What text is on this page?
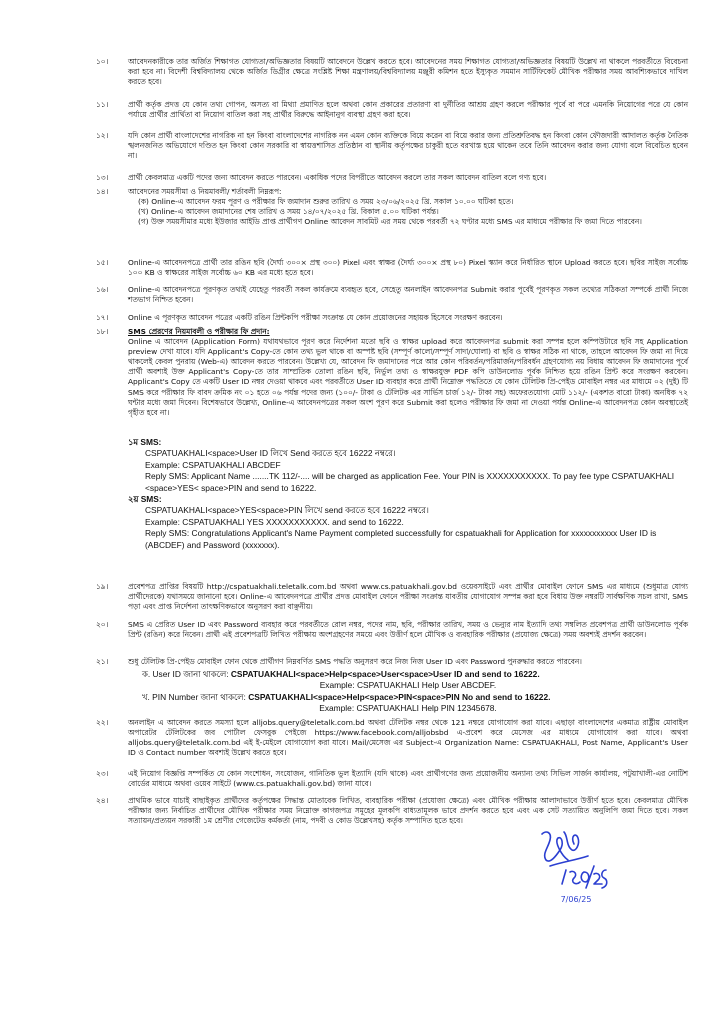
১০।	আবেদনকারীকে তার অর্জিত শিক্ষাগত যোগ্যতা/অভিজ্ঞতার বিষয়টি আবেদনে উল্লেখ করতে হবে। আবেদনের সময় শিক্ষাগত যোগ্যতা/অভিজ্ঞতার বিষয়টি উল্লেখ না থাকলে পরবর্তীতে বিবেচনা করা হবে না। বিদেশী বিশ্ববিদ্যালয় থেকে অর্জিত ডিগ্রীর ক্ষেত্রে সংশ্লিষ্ট শিক্ষা মন্ত্রণালয়/বিশ্ববিদ্যালয় মঞ্জুরী কমিশন হতে ইস্যুকৃত সমমান সার্টিফিকেট মৌখিক পরীক্ষার সময় আবশ্যিকভাবে দাখিল করতে হবে।
১১।	প্রার্থী কর্তৃক প্রদত্ত যে কোন তথ্য গোপন, অসত্য বা মিথ্যা প্রমাণিত হলে অথবা কোন প্রকারের প্রতারণা বা দুর্নীতির আশ্রয় গ্রহণ করলে পরীক্ষার পূর্বে বা পরে এমনকি নিয়োগের পরে যে কোন পর্যায়ে প্রার্থীর প্রার্থিতা বা নিয়োগ বাতিল করা সহ প্রার্থীর বিরুদ্ধে আইনানুগ ব্যবস্থা গ্রহণ করা হবে।
১২।	যদি কোন প্রার্থী বাংলাদেশের নাগরিক না হন কিংবা বাংলাদেশের নাগরিক নন এমন কোন ব্যক্তিকে বিয়ে করেন বা বিয়ে করার জন্য প্রতিশ্রুতিবদ্ধ হন কিংবা কোন ফৌজদারী আদালত কর্তৃক নৈতিক স্খলনজনিত অভিযোগে দণ্ডিত হন কিংবা কোন সরকারি বা স্বায়ত্তশাসিত প্রতিষ্ঠান বা স্থানীয় কর্তৃপক্ষের চাকুরী হতে বরখাস্ত হয়ে থাকেন তবে তিনি আবেদন করার জন্য যোগ্য বলে বিবেচিত হবেন না।
১৩।	প্রার্থী কেবলমাত্র একটি পদের জন্য আবেদন করতে পারবেন। একাধিক পদের বিপরীতে আবেদন করলে তার সকল আবেদন বাতিল বলে গণ্য হবে।
১৪।	আবেদনের সময়সীমা ও নিয়মাবলী/ শর্তাবলী নিম্নরূপ:
(ক) Online-এ আবেদন ফরম পূরণ ও পরীক্ষার ফি জমাদান শুরুর তারিখ ও সময় ২৩/০৬/২০২৫ খ্রি. সকাল ১০.০০ ঘটিকা হতে।
(খ) Online-এ আবেদন জমাদানের শেষ তারিখ ও সময় ১৪/০৭/২০২৫ খ্রি. বিকাল ৫.০০ ঘটিকা পর্যন্ত।
(গ) উক্ত সময়সীমার মধ্যে ইউজার আইডি প্রাপ্ত প্রার্থীগণ Online আবেদন সাবমিট এর সময় থেকে পরবর্তী ৭২ ঘণ্টার মধ্যে SMS এর মাধ্যমে পরীক্ষার ফি জমা দিতে পারবেন।
১৫।	Online-এ আবেদনপত্রে প্রার্থী তার রঙিন ছবি (দৈর্ঘ্য ৩০০× প্রস্থ ৩০০) Pixel এবং স্বাক্ষর (দৈর্ঘ্য ৩০০× প্রস্থ ৮০) Pixel স্ক্যান করে নির্ধারিত স্থানে Upload করতে হবে। ছবির সাইজ সর্বোচ্চ ১০০ KB ও স্বাক্ষরের সাইজ সর্বোচ্চ ৬০ KB এর মধ্যে হতে হবে।
১৬।	Online-এ আবেদনপত্রে পূরণকৃত তথ্যই যেহেতু পরবর্তী সকল কার্যক্রমে ব্যবহৃত হবে, সেহেতু অনলাইন আবেদনপত্র Submit করার পূর্বেই পূরণকৃত সকল তথ্যের সঠিকতা সম্পর্কে প্রার্থী নিজে শতভাগ নিশ্চিত হবেন।
১৭।	Online এ পূরণকৃত আবেদন পত্রের একটি রঙিন প্রিন্টকপি পরীক্ষা সংক্রান্ত যে কোন প্রয়োজনের সহায়ক হিসেবে সংরক্ষণ করবেন।
১৮।	SMS প্রেরণের নিয়মাবলী ও পরীক্ষার ফি প্রদান:
Online এ আবেদন (Application Form) যথাযথভাবে পূরণ করে নির্দেশনা মতো ছবি ও স্বাক্ষর upload করে আবেদনপত্র submit করা সম্পন্ন হলে কম্পিউটারে ছবি সহ Application preview দেখা যাবে। যদি Applicant's Copy-তে কোন তথ্য ভুল থাকে বা অস্পষ্ট ছবি (সম্পূর্ণ কালো/সম্পূর্ণ সাদা/ঘোলা) বা ছবি ও স্বাক্ষর সঠিক না থাকে, তাহলে আবেদন ফি জমা না দিয়ে থাকলেই কেবল পুনরায় (Web-এ) আবেদন করতে পারবেন। উল্লেখ্য যে, আবেদন ফি জমাদানের পরে আর কোন পরিবর্তন/পরিমার্জন/পরিবর্ধন গ্রহণযোগ্য নয় বিধায় আবেদন ফি জমাদানের পূর্বে প্রার্থী অবশ্যই উক্ত Applicant's Copy-তে তার সাম্প্রতিক তোলা রঙিন ছবি, নির্ভুল তথ্য ও স্বাক্ষরযুক্ত PDF কপি ডাউনলোড পূর্বক নিশ্চিত হয়ে রঙিন প্রিন্ট করে সংরক্ষণ করবেন। Applicant's Copy তে একটি User ID নম্বর দেওয়া থাকবে এবং পরবর্তীতে User ID ব্যবহার করে প্রার্থী নিম্নোক্ত পদ্ধতিতে যে কোন টেলিটক প্রি-পেইড মোবাইল নম্বর এর মাধ্যমে ০২ (দুই) টি SMS করে পরীক্ষার ফি বাবদ ক্রমিক নং ০১ হতে ০৬ পর্যন্ত পদের জন্য (১০০/- টাকা ও টেলিটক এর সার্ভিস চার্জ ১২/- টাকা সহ) অফেরতযোগ্য মোট ১১২/- (একশত বারো টাকা) অনধিক ৭২ ঘন্টার মধ্যে জমা দিবেন। বিশেষভাবে উল্লেখ্য, Online-এ আবেদনপত্রের সকল অংশ পূরণ করে Submit করা হলেও পরীক্ষার ফি জমা না দেওয়া পর্যন্ত Online-এ আবেদনপত্র কোন অবস্থাতেই গৃহীত হবে না।
১ম SMS:
CSPATUAKHALI<space>User ID লিখে Send করতে হবে 16222 নম্বরে।
Example: CSPATUAKHALI ABCDEF
Reply SMS: Applicant Name .......TK 112/-.... will be charged as application Fee. Your PIN is XXXXXXXXXXX. To pay fee type CSPATUAKHALI <space>YES< space>PIN and send to 16222.
২য় SMS:
CSPATUAKHALI<space>YES<space>PIN লিখে send করতে হবে 16222 নম্বরে।
Example: CSPATUAKHALI YES XXXXXXXXXXX. and send to 16222.
Reply SMS: Congratulations Applicant's Name Payment completed successfully for cspatuakhali for Application for xxxxxxxxxxx User ID is (ABCDEF) and Password (xxxxxxx).
১৯।	প্রবেশপত্র প্রাপ্তির বিষয়টি http://cspatuakhali.teletalk.com.bd অথবা www.cs.patuakhali.gov.bd ওয়েবসাইটে এবং প্রার্থীর মোবাইল ফোনে SMS এর মাধ্যমে (শুধুমাত্র যোগ্য প্রার্থীদেরকে) যথাসময়ে জানানো হবে। Online-এ আবেদনপত্রে প্রার্থীর প্রদত্ত মোবাইল ফোনে পরীক্ষা সংক্রান্ত যাবতীয় যোগাযোগ সম্পন্ন করা হবে বিধায় উক্ত নম্বরটি সার্বক্ষণিক সচল রাখা, SMS পড়া এবং প্রাপ্ত নির্দেশনা তাৎক্ষণিকভাবে অনুসরণ করা বাঞ্ছনীয়।
২০।	SMS এ প্রেরিত User ID এবং Password ব্যবহার করে পরবর্তীতে রোল নম্বর, পদের নাম, ছবি, পরীক্ষার তারিখ, সময় ও ভেন্যুর নাম ইত্যাদি তথ্য সম্বলিত প্রবেশপত্র প্রার্থী ডাউনলোড পূর্বক প্রিন্ট (রঙিন) করে নিবেন। প্রার্থী এই প্রবেশপত্রটি লিখিত পরীক্ষায় অংশগ্রহণের সময়ে এবং উত্তীর্ণ হলে মৌখিক ও ব্যবহারিক পরীক্ষার (প্রযোজ্য ক্ষেত্রে) সময় অবশ্যই প্রদর্শন করবেন।
২১।	শুধু টেলিটক প্রি-পেইড মোবাইল ফোন থেকে প্রার্থীগণ নিম্নবর্ণিত SMS পদ্ধতি অনুসরণ করে নিজ নিজ User ID এবং Password পুনরুদ্ধার করতে পারবেন।
ক. User ID জানা থাকলে: CSPATUAKHALI<space>Help<space>User<space>User ID and send to 16222.
Example: CSPATUAKHALI Help User ABCDEF.
খ. PIN Number জানা থাকলে: CSPATUAKHALI<space>Help<space>PIN<space>PIN No and send to 16222.
Example: CSPATUAKHALI Help PIN 12345678.
২২।	অনলাইন এ আবেদন করতে সমস্যা হলে alljobs.query@teletalk.com.bd অথবা টেলিটক নম্বর থেকে 121 নম্বরে যোগাযোগ করা যাবে। এছাড়া বাংলাদেশের একমাত্র রাষ্ট্রীয় মোবাইল অপারেটর টেলিটকের জব পোর্টাল ফেসবুক পেইজে https://www.facebook.com/alljobsbd এ-প্রবেশ করে মেসেজ এর মাধ্যমে যোগাযোগ করা যাবে। অথবা alljobs.query@teletalk.com.bd এই ই-মেইলে যোগাযোগ করা যাবে। Mail/মেসেজ এর Subject-এ Organization Name: CSPATUAKHALI, Post Name, Applicant's User ID ও Contact number অবশ্যই উল্লেখ করতে হবে।
২৩।	এই নিয়োগ বিজ্ঞপ্তি সম্পর্কিত যে কোন সংশোধন, সংযোজন, গানিতিক ভুল ইত্যাদি (যদি থাকে) এবং প্রার্থীগণের জন্য প্রয়োজনীয় অন্যান্য তথ্য সিভিল সার্জন কার্যালয়, পটুয়াখালী-এর নোটিশ বোর্ডের মাধ্যমে অথবা ওয়েব সাইটে (www.cs.patuakhali.gov.bd) জানা যাবে।
২৪।	প্রাথমিক ভাবে যাচাই বাছাইকৃত প্রার্থীদের কর্তৃপক্ষের সিদ্ধান্ত মোতাবেক লিখিত, ব্যবহারিক পরীক্ষা (প্রযোজ্য ক্ষেত্রে) এবং মৌখিক পরীক্ষায় আলাদাভাবে উত্তীর্ণ হতে হবে। কেবলমাত্র মৌখিক পরীক্ষার জন্য নির্বাচিত প্রার্থীদের মৌখিক পরীক্ষার সময় নিম্নোক্ত কাগজপত্র সমূহের মূলকপি বাধ্যতামূলক ভাবে প্রদর্শন করতে হবে এবং এক সেট সত্যায়িত অনুলিপি জমা দিতে হবে। সকল সত্যায়ন/প্রত্যয়ন সরকারী ১ম শ্রেণীর গেজেটেড কর্মকর্তা (নাম, পদবী ও কোড উল্লেখসহ) কর্তৃক সম্পাদিত হতে হবে।
7/06/25
